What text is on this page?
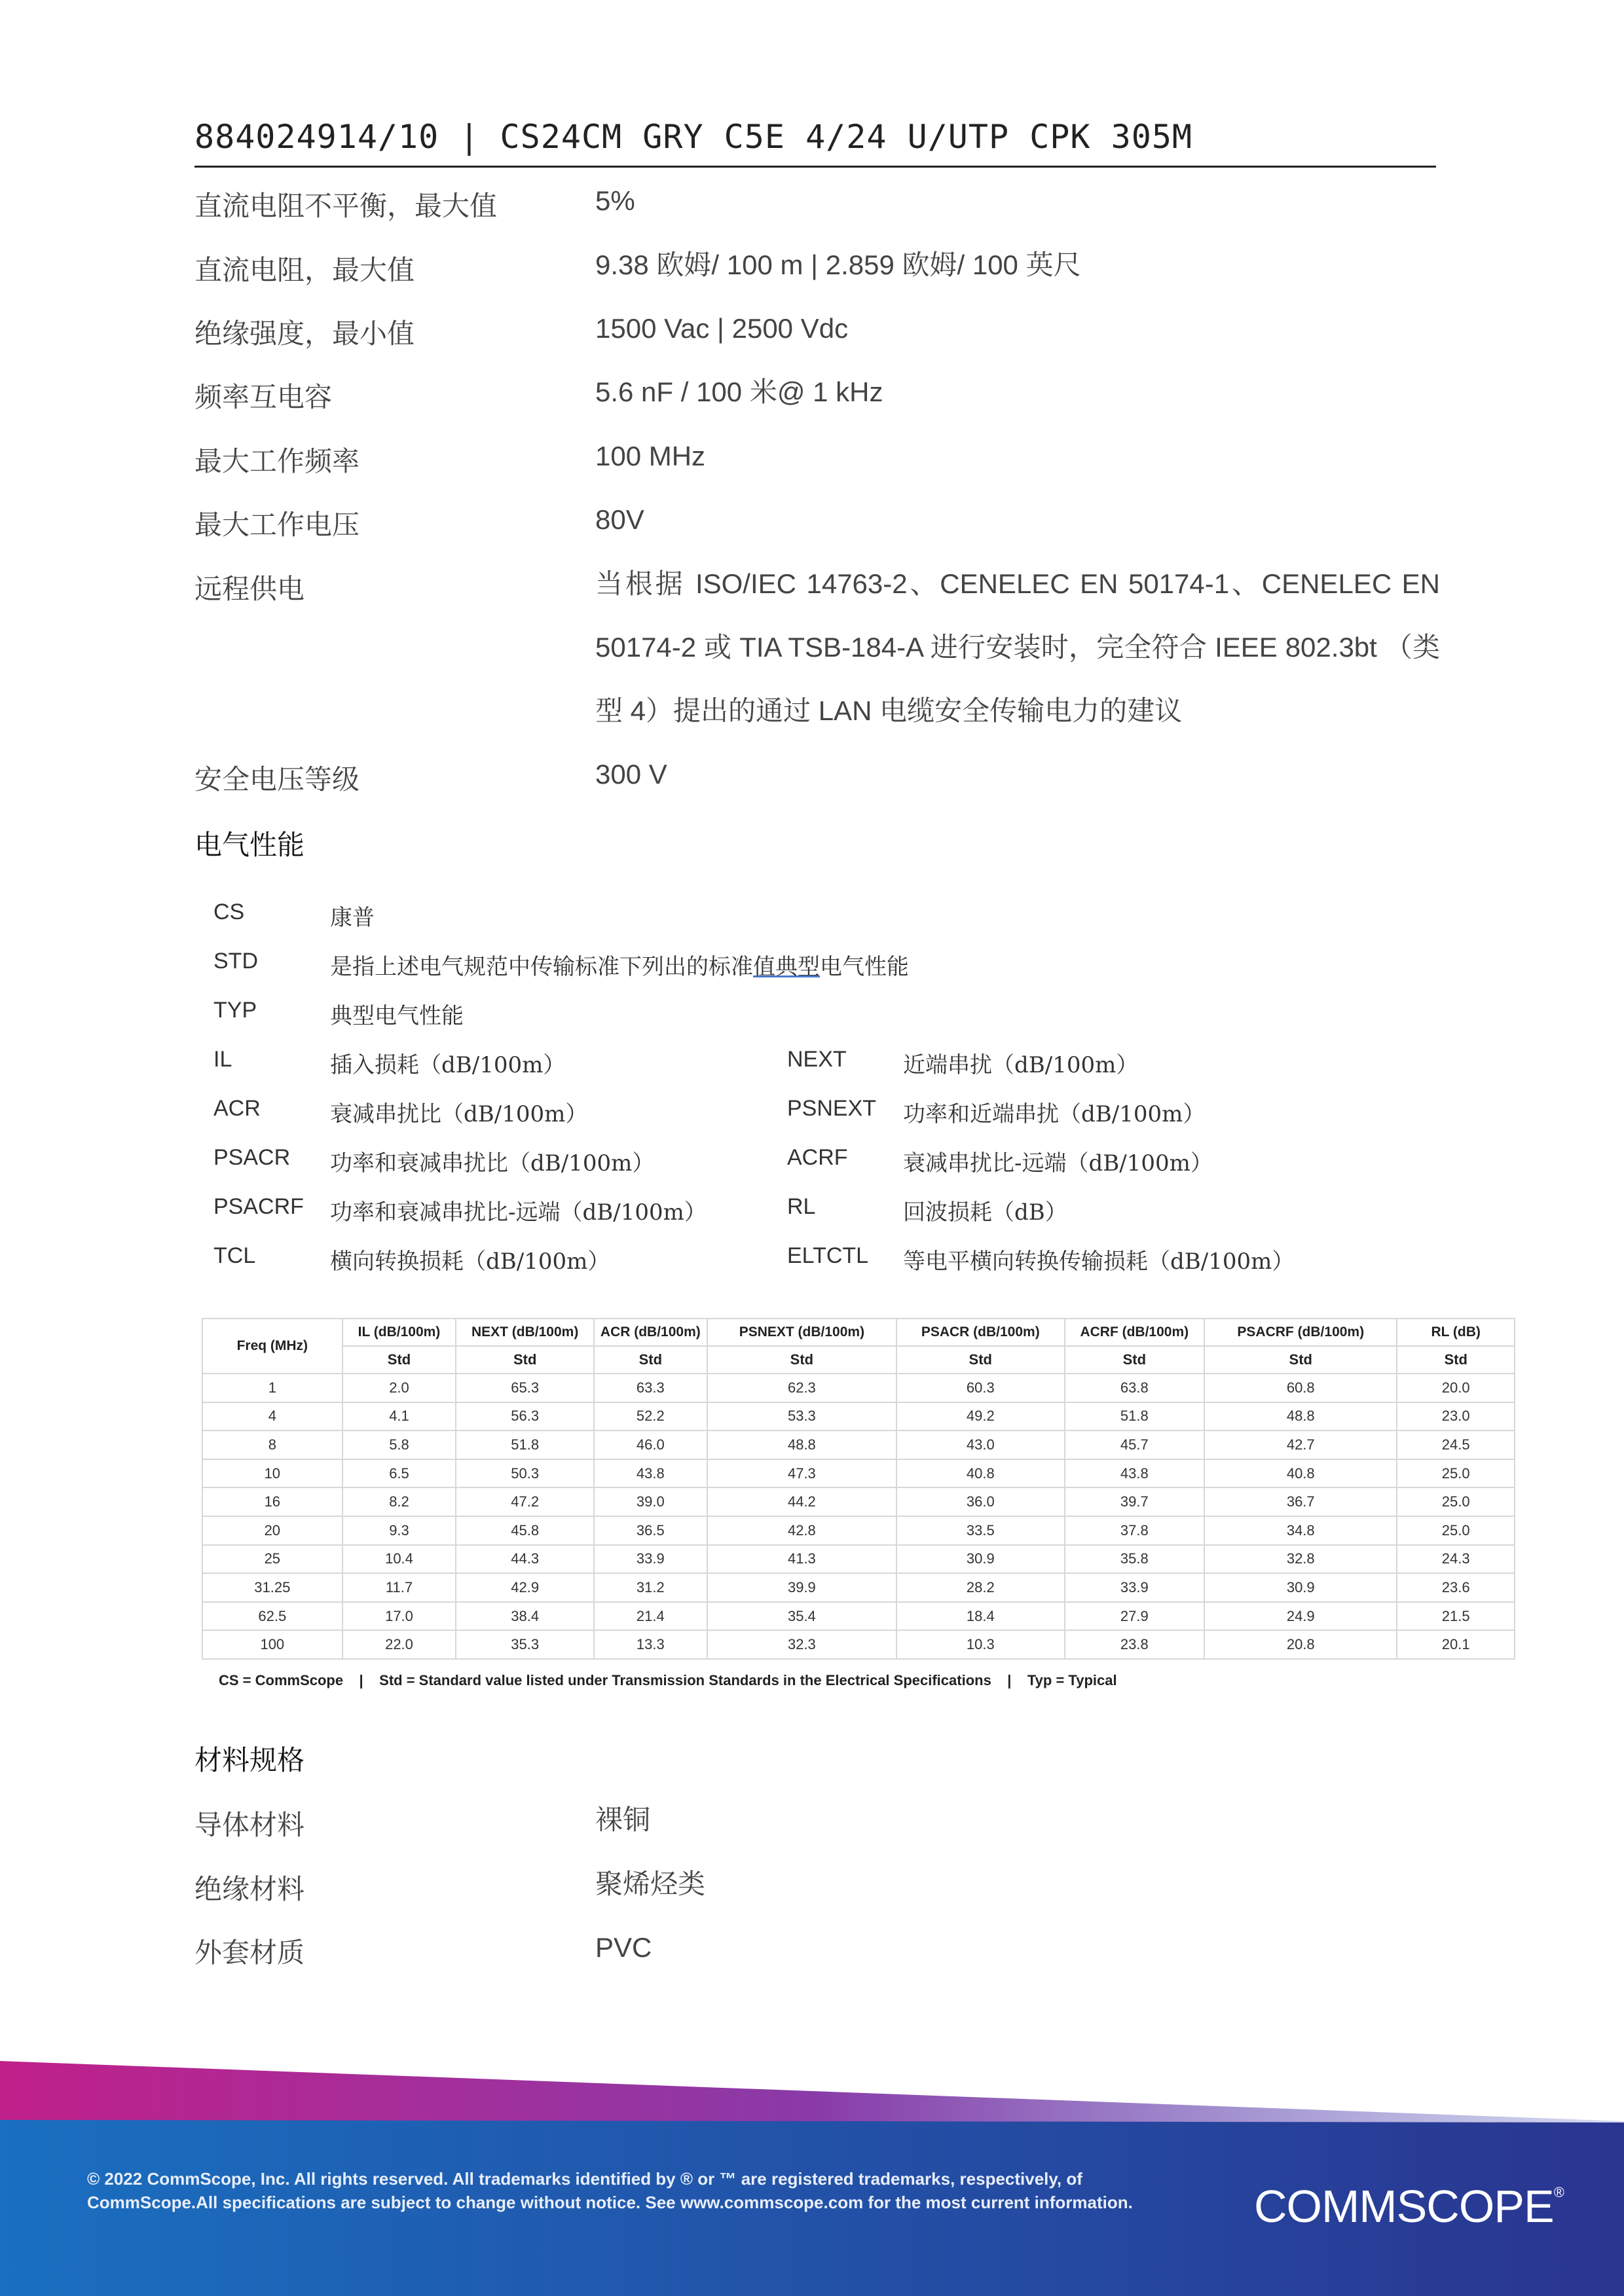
884024914/10 | CS24CM GRY C5E 4/24 U/UTP CPK 305M
直流电阻不平衡，最大值	5%
直流电阻，最大值	9.38 欧姆/ 100 m | 2.859 欧姆/ 100 英尺
绝缘强度，最小值	1500 Vac | 2500 Vdc
频率互电容	5.6 nF / 100 米@ 1 kHz
最大工作频率	100 MHz
最大工作电压	80V
远程供电	当根据 ISO/IEC 14763-2、CENELEC EN 50174-1、CENELEC EN 50174-2 或 TIA TSB-184-A 进行安装时，完全符合 IEEE 802.3bt （类型 4）提出的通过 LAN 电缆安全传输电力的建议
安全电压等级	300 V
电气性能
CS	康普
STD	是指上述电气规范中传输标准下列出的标准值典型电气性能
TYP	典型电气性能
IL	插入损耗（dB/100m）	NEXT	近端串扰（dB/100m）
ACR	衰减串扰比（dB/100m）	PSNEXT 功率和近端串扰（dB/100m）
PSACR 功率和衰减串扰比（dB/100m）	ACRF 衰减串扰比-远端（dB/100m）
PSACRF 功率和衰减串扰比-远端（dB/100m）	RL	回波损耗（dB）
TCL	横向转换损耗（dB/100m）	ELTCTL 等电平横向转换传输损耗（dB/100m）
Freq (MHz)	IL (dB/100m)	NEXT (dB/100m)	ACR (dB/100m)	PSNEXT (dB/100m)	PSACR (dB/100m)	ACRF (dB/100m)	PSACRF (dB/100m)	RL (dB)
	Std	Std	Std	Std	Std	Std	Std	Std
1	2.0	65.3	63.3	62.3	60.3	63.8	60.8	20.0
4	4.1	56.3	52.2	53.3	49.2	51.8	48.8	23.0
8	5.8	51.8	46.0	48.8	43.0	45.7	42.7	24.5
10	6.5	50.3	43.8	47.3	40.8	43.8	40.8	25.0
16	8.2	47.2	39.0	44.2	36.0	39.7	36.7	25.0
20	9.3	45.8	36.5	42.8	33.5	37.8	34.8	25.0
25	10.4	44.3	33.9	41.3	30.9	35.8	32.8	24.3
31.25	11.7	42.9	31.2	39.9	28.2	33.9	30.9	23.6
62.5	17.0	38.4	21.4	35.4	18.4	27.9	24.9	21.5
100	22.0	35.3	13.3	32.3	10.3	23.8	20.8	20.1
CS = CommScope    |    Std = Standard value listed under Transmission Standards in the Electrical Specifications    |    Typ = Typical
材料规格
导体材料	裸铜
绝缘材料	聚烯烃类
外套材质	PVC
© 2022 CommScope, Inc. All rights reserved. All trademarks identified by ® or ™ are registered trademarks, respectively, of CommScope.All specifications are subject to change without notice. See www.commscope.com for the most current information.	COMMSCOPE®
